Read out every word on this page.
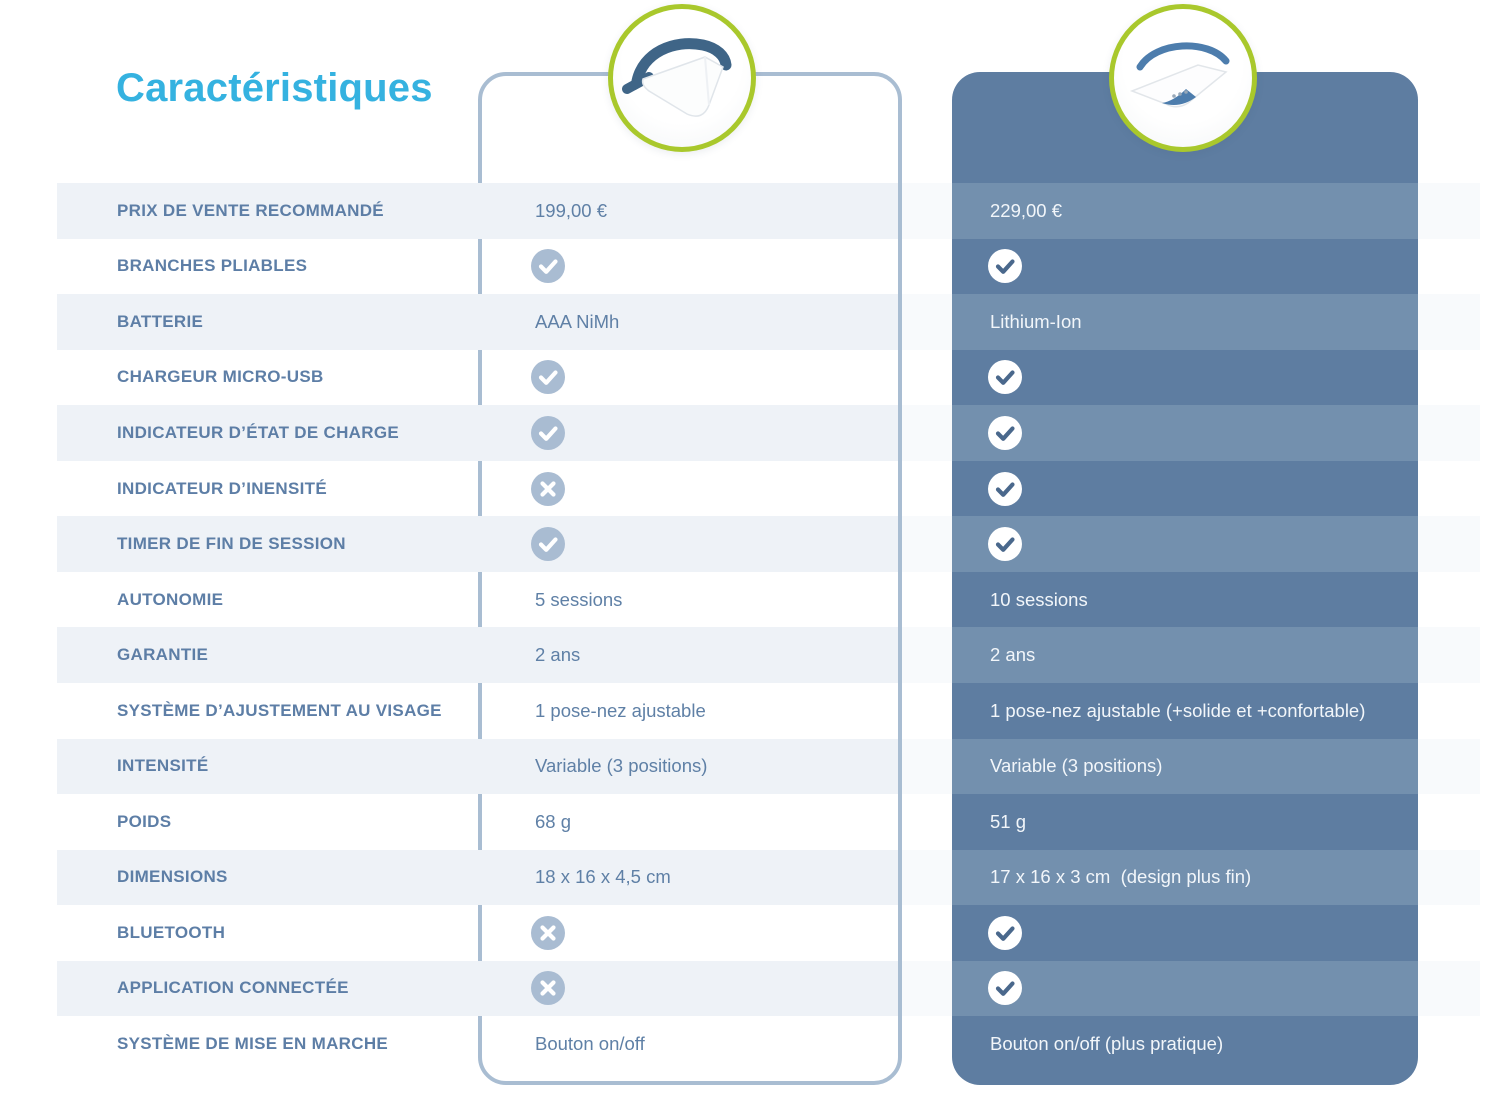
Caractéristiques
PRIX DE VENTE RECOMMANDÉ	199,00 €	229,00 €
BRANCHES PLIABLES
BATTERIE	AAA NiMh	Lithium-Ion
CHARGEUR MICRO-USB
INDICATEUR D’ÉTAT DE CHARGE
INDICATEUR D’INENSITÉ
TIMER DE FIN DE SESSION
AUTONOMIE	5 sessions	10 sessions
GARANTIE	2 ans	2 ans
SYSTÈME D’AJUSTEMENT AU VISAGE	1 pose-nez ajustable	1 pose-nez ajustable (+solide et +confortable)
INTENSITÉ	Variable (3 positions)	Variable (3 positions)
POIDS	68 g	51 g
DIMENSIONS	18 x 16 x 4,5 cm	17 x 16 x 3 cm  (design plus fin)
BLUETOOTH
APPLICATION CONNECTÉE
SYSTÈME DE MISE EN MARCHE	Bouton on/off	Bouton on/off (plus pratique)
